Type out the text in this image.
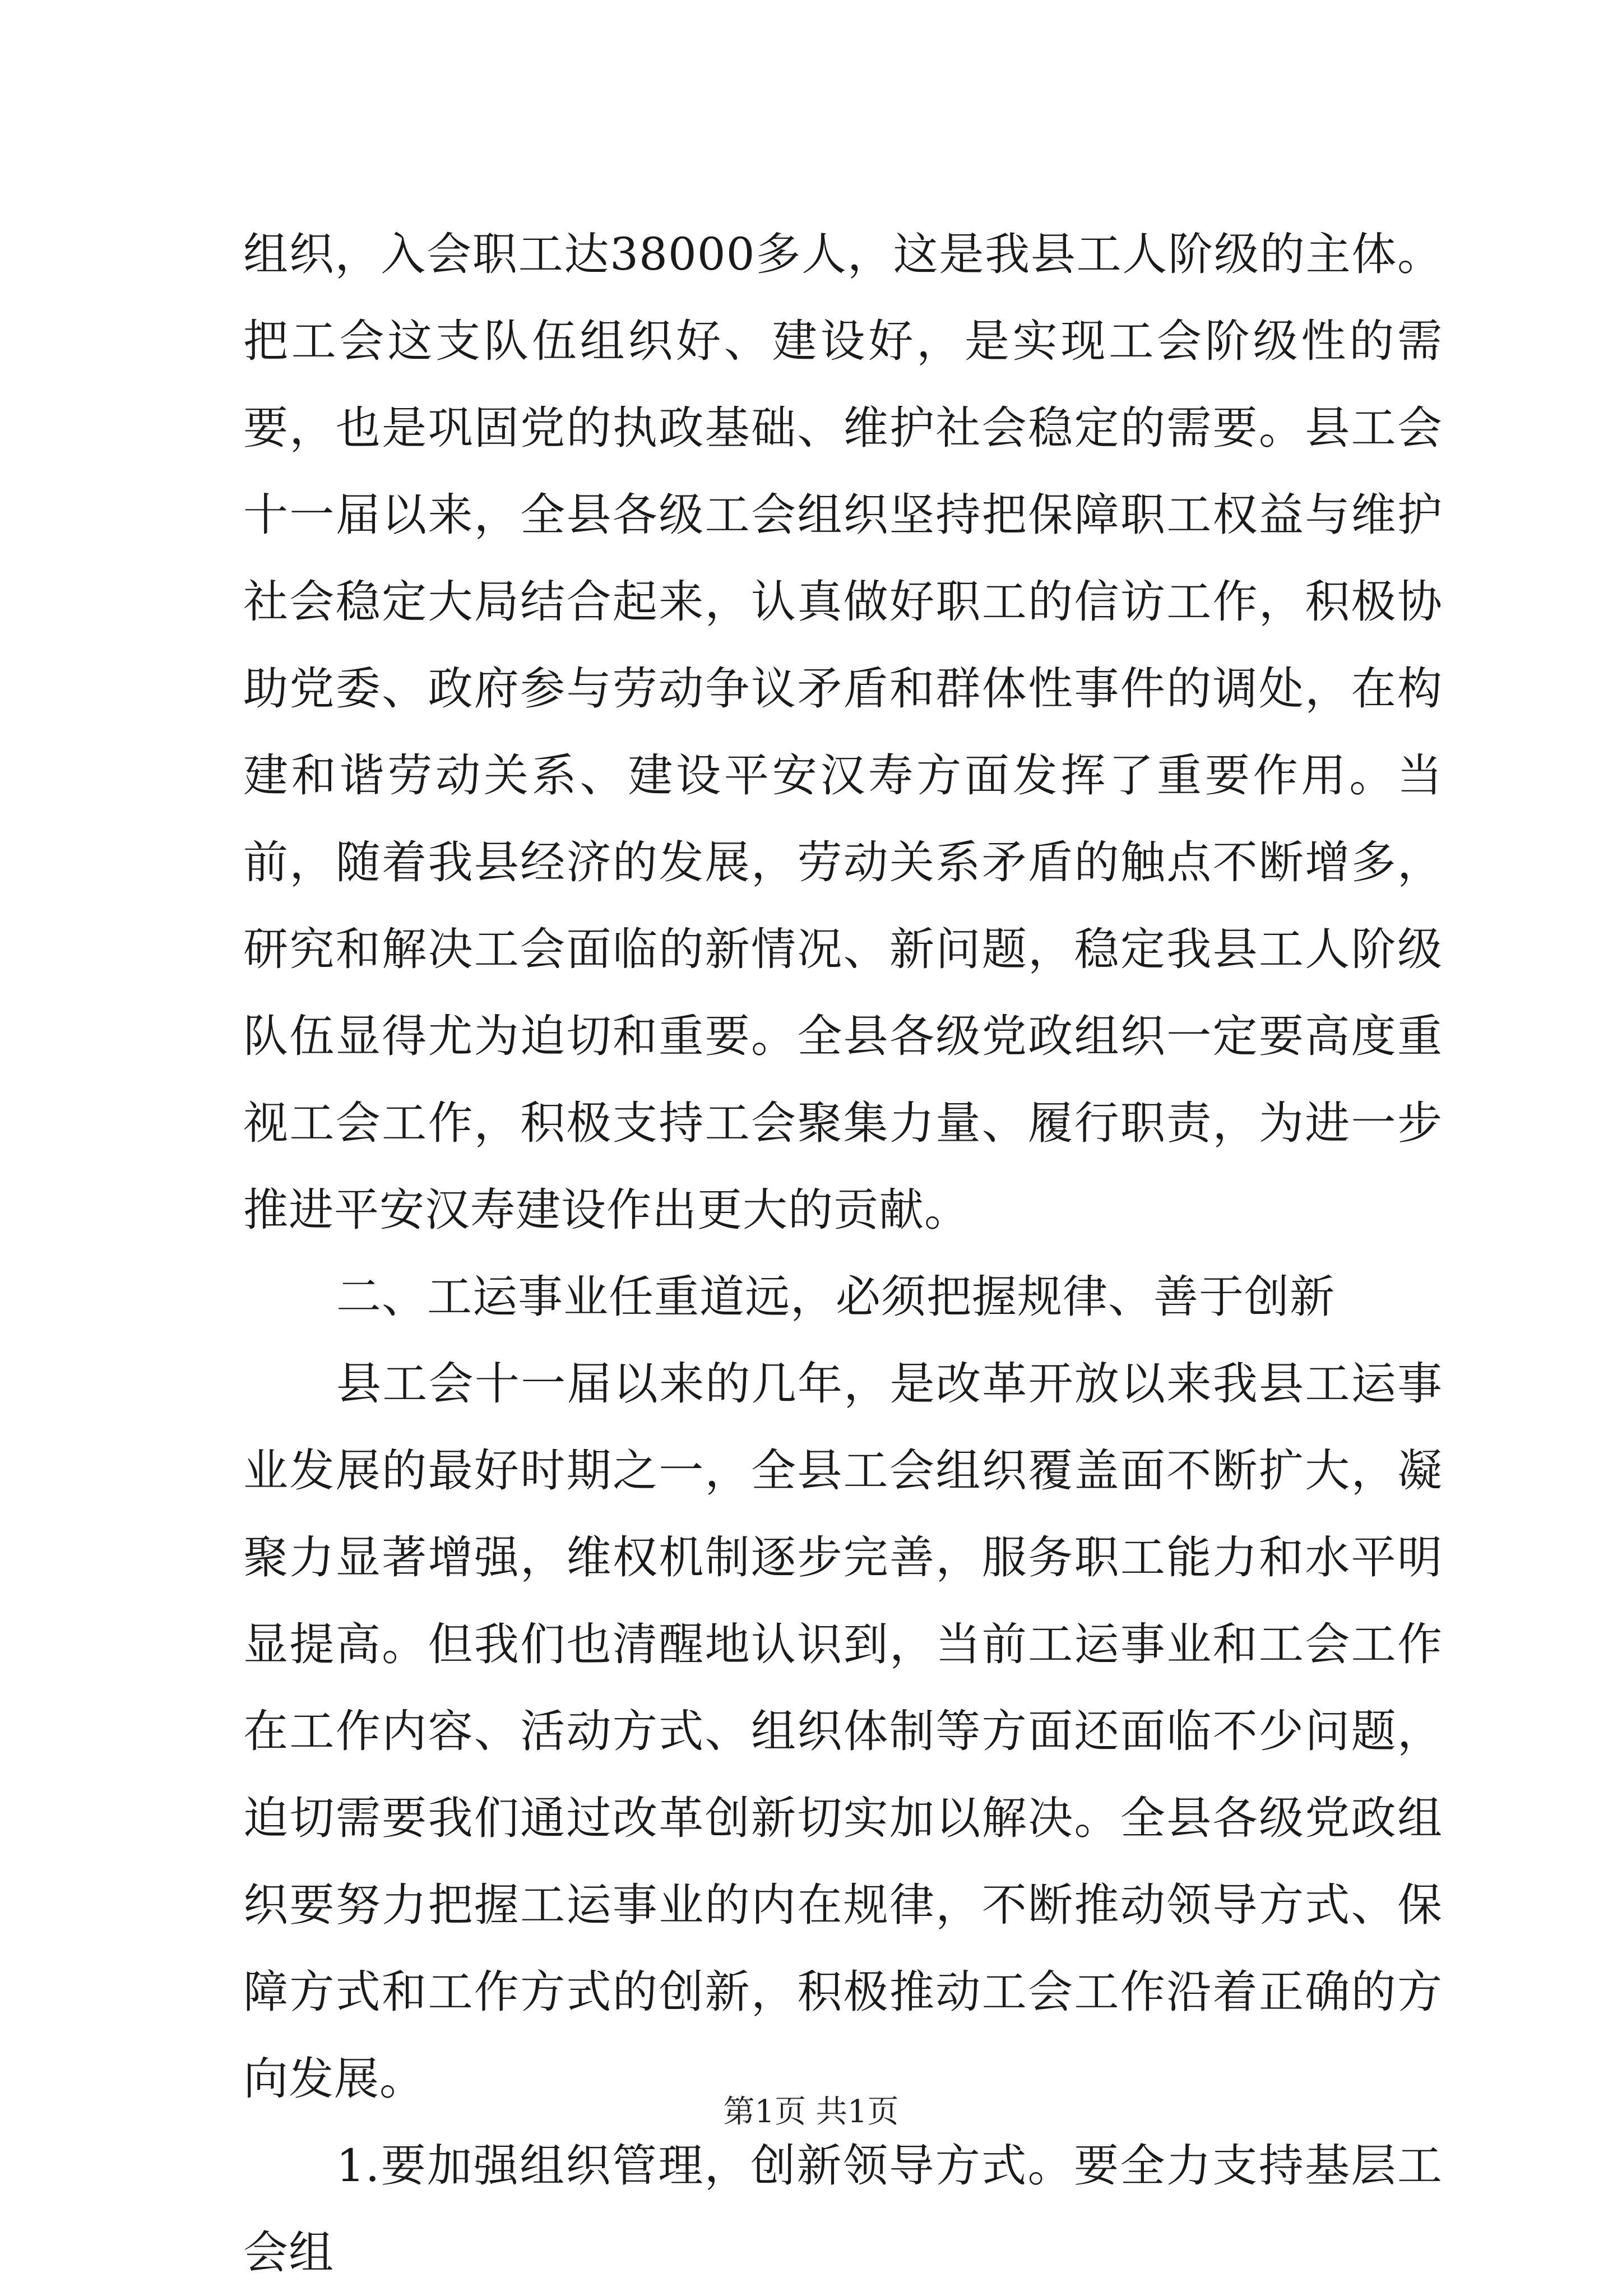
组织，入会职工达38000多人，这是我县工人阶级的主体。把工会这支队伍组织好、建设好，是实现工会阶级性的需要，也是巩固党的执政基础、维护社会稳定的需要。县工会十一届以来，全县各级工会组织坚持把保障职工权益与维护社会稳定大局结合起来，认真做好职工的信访工作，积极协助党委、政府参与劳动争议矛盾和群体性事件的调处，在构建和谐劳动关系、建设平安汉寿方面发挥了重要作用。当前，随着我县经济的发展，劳动关系矛盾的触点不断增多，研究和解决工会面临的新情况、新问题，稳定我县工人阶级队伍显得尤为迫切和重要。全县各级党政组织一定要高度重视工会工作，积极支持工会聚集力量、履行职责，为进一步推进平安汉寿建设作出更大的贡献。

二、工运事业任重道远，必须把握规律、善于创新

县工会十一届以来的几年，是改革开放以来我县工运事业发展的最好时期之一，全县工会组织覆盖面不断扩大，凝聚力显著增强，维权机制逐步完善，服务职工能力和水平明显提高。但我们也清醒地认识到，当前工运事业和工会工作在工作内容、活动方式、组织体制等方面还面临不少问题，迫切需要我们通过改革创新切实加以解决。全县各级党政组织要努力把握工运事业的内在规律，不断推动领导方式、保障方式和工作方式的创新，积极推动工会工作沿着正确的方向发展。

1.要加强组织管理，创新领导方式。要全力支持基层工会组

第1页 共1页
